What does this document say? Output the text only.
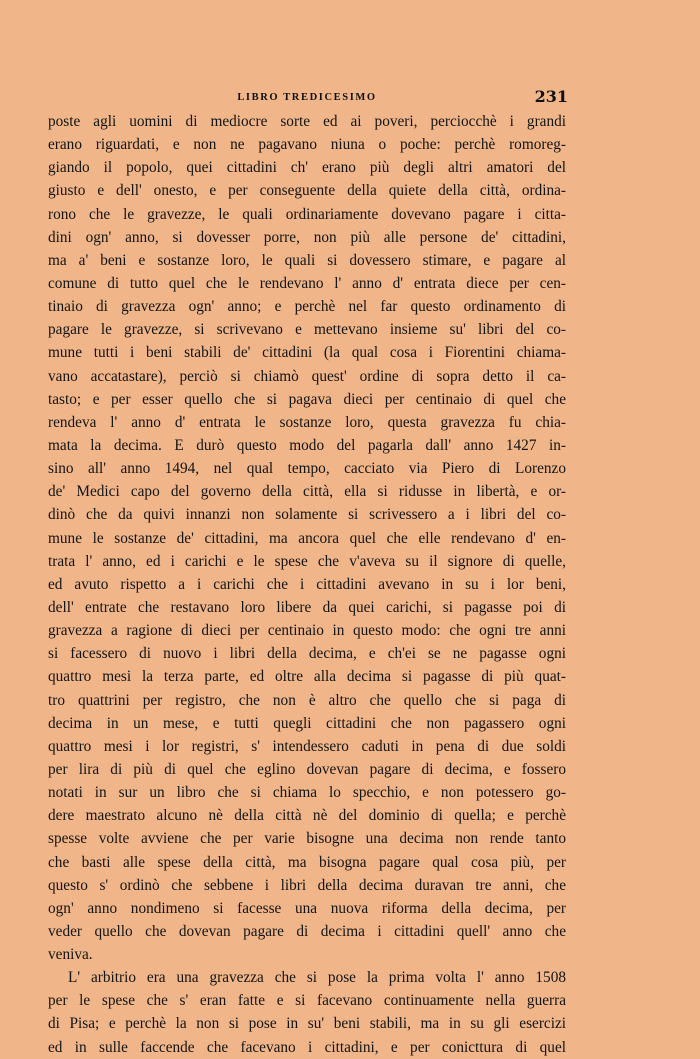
LIBRO TREDICESIMO	231
poste agli uomini di mediocre sorte ed ai poveri, perciocchè i grandi
erano riguardati, e non ne pagavano niuna o poche: perchè romoreg-
giando il popolo, quei cittadini ch' erano più degli altri amatori del
giusto e dell' onesto, e per conseguente della quiete della città, ordina-
rono che le gravezze, le quali ordinariamente dovevano pagare i citta-
dini ogn' anno, si dovesser porre, non più alle persone de' cittadini,
ma a' beni e sostanze loro, le quali si dovessero stimare, e pagare al
comune di tutto quel che le rendevano l' anno d' entrata diece per cen-
tinaio di gravezza ogn' anno; e perchè nel far questo ordinamento di
pagare le gravezze, si scrivevano e mettevano insieme su' libri del co-
mune tutti i beni stabili de' cittadini (la qual cosa i Fiorentini chiama-
vano accatastare), perciò si chiamò quest' ordine di sopra detto il ca-
tasto; e per esser quello che si pagava dieci per centinaio di quel che
rendeva l' anno d' entrata le sostanze loro, questa gravezza fu chia-
mata la decima. E durò questo modo del pagarla dall' anno 1427 in-
sino all' anno 1494, nel qual tempo, cacciato via Piero di Lorenzo
de' Medici capo del governo della città, ella si ridusse in libertà, e or-
dinò che da quivi innanzi non solamente si scrivessero a i libri del co-
mune le sostanze de' cittadini, ma ancora quel che elle rendevano d' en-
trata l' anno, ed i carichi e le spese che v'aveva su il signore di quelle,
ed avuto rispetto a i carichi che i cittadini avevano in su i lor beni,
dell' entrate che restavano loro libere da quei carichi, si pagasse poi di
gravezza a ragione di dieci per centinaio in questo modo: che ogni tre anni
si facessero di nuovo i libri della decima, e ch'ei se ne pagasse ogni
quattro mesi la terza parte, ed oltre alla decima si pagasse di più quat-
tro quattrini per registro, che non è altro che quello che si paga di
decima in un mese, e tutti quegli cittadini che non pagassero ogni
quattro mesi i lor registri, s' intendessero caduti in pena di due soldi
per lira di più di quel che eglino dovevan pagare di decima, e fossero
notati in sur un libro che si chiama lo specchio, e non potessero go-
dere maestrato alcuno nè della città nè del dominio di quella; e perchè
spesse volte avviene che per varie bisogne una decima non rende tanto
che basti alle spese della città, ma bisogna pagare qual cosa più, per
questo s' ordinò che sebbene i libri della decima duravan tre anni, che
ogn' anno nondimeno si facesse una nuova riforma della decima, per
veder quello che dovevan pagare di decima i cittadini quell' anno che
veniva.
L' arbitrio era una gravezza che si pose la prima volta l' anno 1508
per le spese che s' eran fatte e si facevano continuamente nella guerra
di Pisa; e perchè la non si pose in su' beni stabili, ma in su gli esercizi
ed in sulle faccende che facevano i cittadini, e per conicttura di quel
